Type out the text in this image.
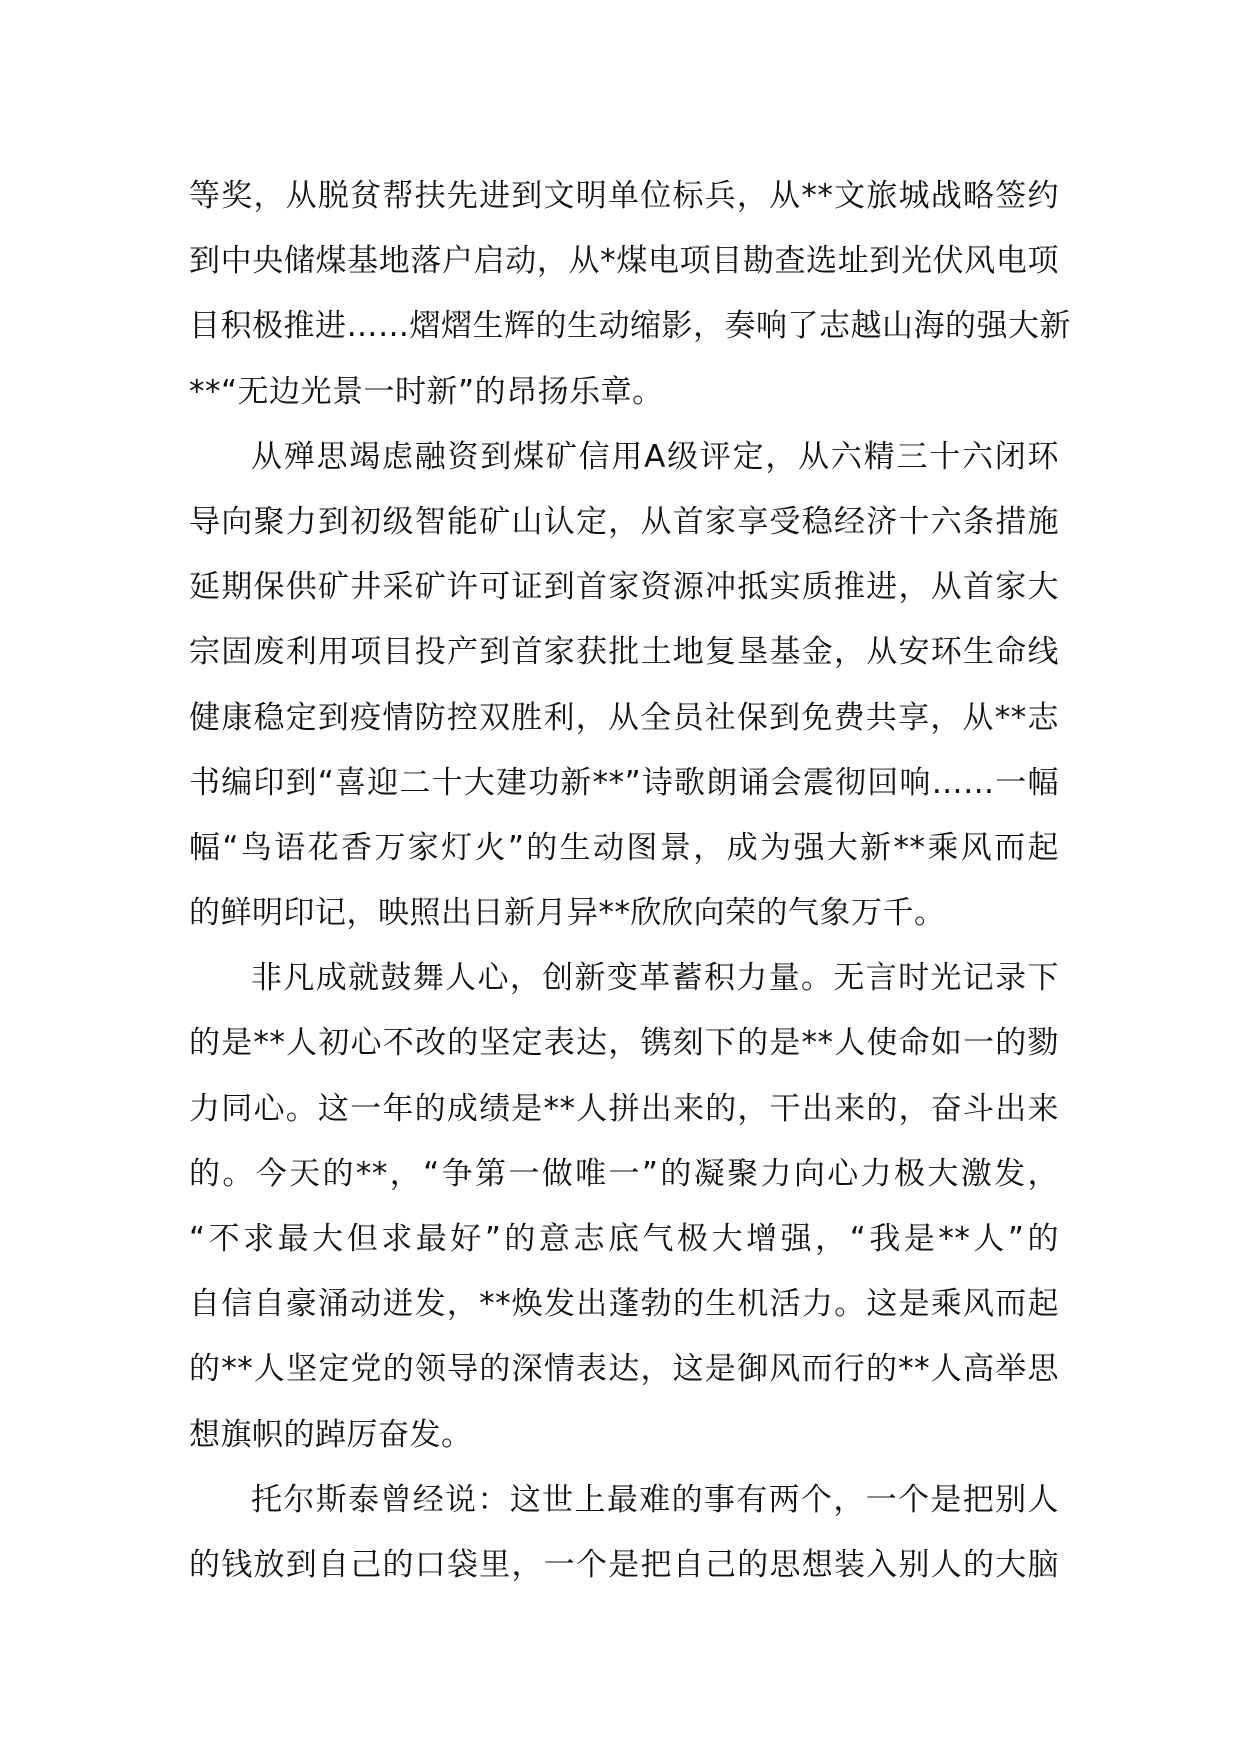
等奖，从脱贫帮扶先进到文明单位标兵，从**文旅城战略签约
到中央储煤基地落户启动，从*煤电项目勘查选址到光伏风电项
目积极推进……熠熠生辉的生动缩影，奏响了志越山海的强大新
**“无边光景一时新”的昂扬乐章。
从殚思竭虑融资到煤矿信用A级评定，从六精三十六闭环
导向聚力到初级智能矿山认定，从首家享受稳经济十六条措施
延期保供矿井采矿许可证到首家资源冲抵实质推进，从首家大
宗固废利用项目投产到首家获批土地复垦基金，从安环生命线
健康稳定到疫情防控双胜利，从全员社保到免费共享，从**志
书编印到“喜迎二十大建功新**”诗歌朗诵会震彻回响……一幅
幅“鸟语花香万家灯火”的生动图景，成为强大新**乘风而起
的鲜明印记，映照出日新月异**欣欣向荣的气象万千。
非凡成就鼓舞人心，创新变革蓄积力量。无言时光记录下
的是**人初心不改的坚定表达，镌刻下的是**人使命如一的勠
力同心。这一年的成绩是**人拼出来的，干出来的，奋斗出来
的。今天的**，“争第一做唯一”的凝聚力向心力极大激发，
“不求最大但求最好”的意志底气极大增强，“我是**人”的
自信自豪涌动迸发，**焕发出蓬勃的生机活力。这是乘风而起
的**人坚定党的领导的深情表达，这是御风而行的**人高举思
想旗帜的踔厉奋发。
托尔斯泰曾经说：这世上最难的事有两个，一个是把别人
的钱放到自己的口袋里，一个是把自己的思想装入别人的大脑
